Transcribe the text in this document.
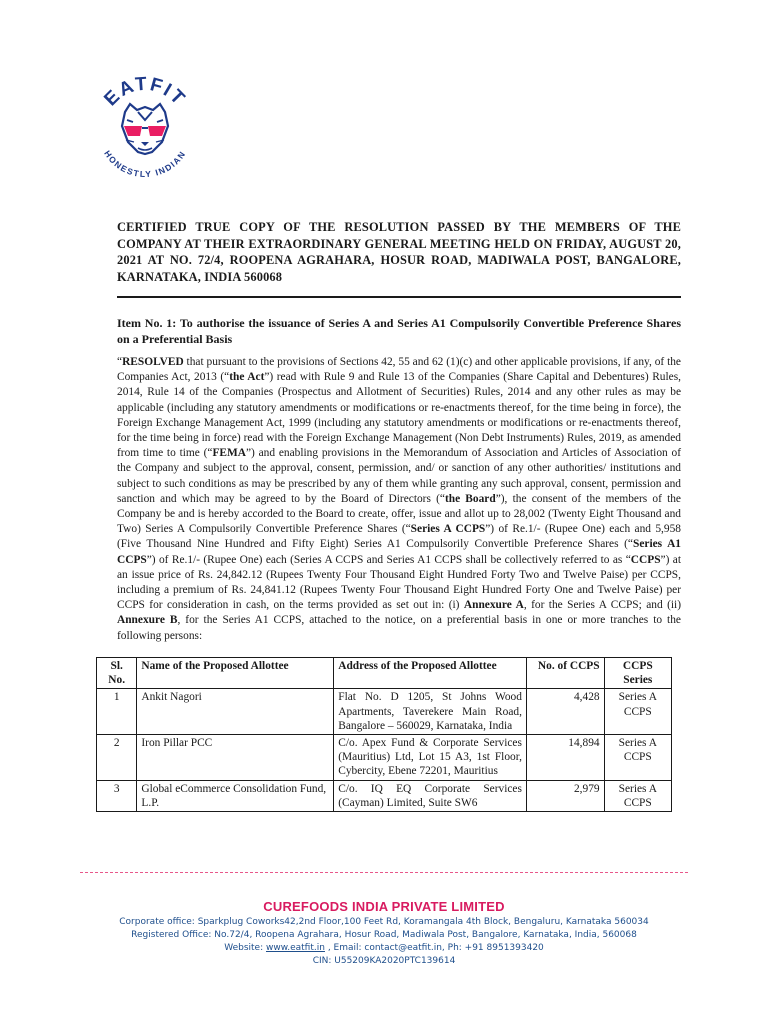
EATFIT
HONESTLY INDIAN
CERTIFIED TRUE COPY OF THE RESOLUTION PASSED BY THE MEMBERS OF THE COMPANY AT THEIR EXTRAORDINARY GENERAL MEETING HELD ON FRIDAY, AUGUST 20, 2021 AT NO. 72/4, ROOPENA AGRAHARA, HOSUR ROAD, MADIWALA POST, BANGALORE, KARNATAKA, INDIA 560068
Item No. 1: To authorise the issuance of Series A and Series A1 Compulsorily Convertible Preference Shares on a Preferential Basis

“RESOLVED that pursuant to the provisions of Sections 42, 55 and 62 (1)(c) and other applicable provisions, if any, of the Companies Act, 2013 (“the Act”) read with Rule 9 and Rule 13 of the Companies (Share Capital and Debentures) Rules, 2014, Rule 14 of the Companies (Prospectus and Allotment of Securities) Rules, 2014 and any other rules as may be applicable (including any statutory amendments or modifications or re-enactments thereof, for the time being in force), the Foreign Exchange Management Act, 1999 (including any statutory amendments or modifications or re-enactments thereof, for the time being in force) read with the Foreign Exchange Management (Non Debt Instruments) Rules, 2019, as amended from time to time (“FEMA”) and enabling provisions in the Memorandum of Association and Articles of Association of the Company and subject to the approval, consent, permission, and/ or sanction of any other authorities/ institutions and subject to such conditions as may be prescribed by any of them while granting any such approval, consent, permission and sanction and which may be agreed to by the Board of Directors (“the Board”), the consent of the members of the Company be and is hereby accorded to the Board to create, offer, issue and allot up to 28,002 (Twenty Eight Thousand and Two) Series A Compulsorily Convertible Preference Shares (“Series A CCPS”) of Re.1/- (Rupee One) each and 5,958 (Five Thousand Nine Hundred and Fifty Eight) Series A1 Compulsorily Convertible Preference Shares (“Series A1 CCPS”) of Re.1/- (Rupee One) each (Series A CCPS and Series A1 CCPS shall be collectively referred to as “CCPS”) at an issue price of Rs. 24,842.12 (Rupees Twenty Four Thousand Eight Hundred Forty Two and Twelve Paise) per CCPS, including a premium of Rs. 24,841.12 (Rupees Twenty Four Thousand Eight Hundred Forty One and Twelve Paise) per CCPS for consideration in cash, on the terms provided as set out in: (i) Annexure A, for the Series A CCPS; and (ii) Annexure B, for the Series A1 CCPS, attached to the notice, on a preferential basis in one or more tranches to the following persons:

Sl. No.	Name of the Proposed Allottee	Address of the Proposed Allottee	No. of CCPS	CCPS Series
1	Ankit Nagori	Flat No. D 1205, St Johns Wood Apartments, Taverekere Main Road, Bangalore – 560029, Karnataka, India	4,428	Series A CCPS
2	Iron Pillar PCC	C/o. Apex Fund & Corporate Services (Mauritius) Ltd, Lot 15 A3, 1st Floor, Cybercity, Ebene 72201, Mauritius	14,894	Series A CCPS
3	Global eCommerce Consolidation Fund, L.P.	C/o. IQ EQ Corporate Services (Cayman) Limited, Suite SW6	2,979	Series A CCPS
CUREFOODS INDIA PRIVATE LIMITED
Corporate office: Sparkplug Coworks42,2nd Floor,100 Feet Rd, Koramangala 4th Block, Bengaluru, Karnataka 560034
Registered Office: No.72/4, Roopena Agrahara, Hosur Road, Madiwala Post, Bangalore, Karnataka, India, 560068
Website: www.eatfit.in , Email: contact@eatfit.in, Ph: +91 8951393420
CIN: U55209KA2020PTC139614
